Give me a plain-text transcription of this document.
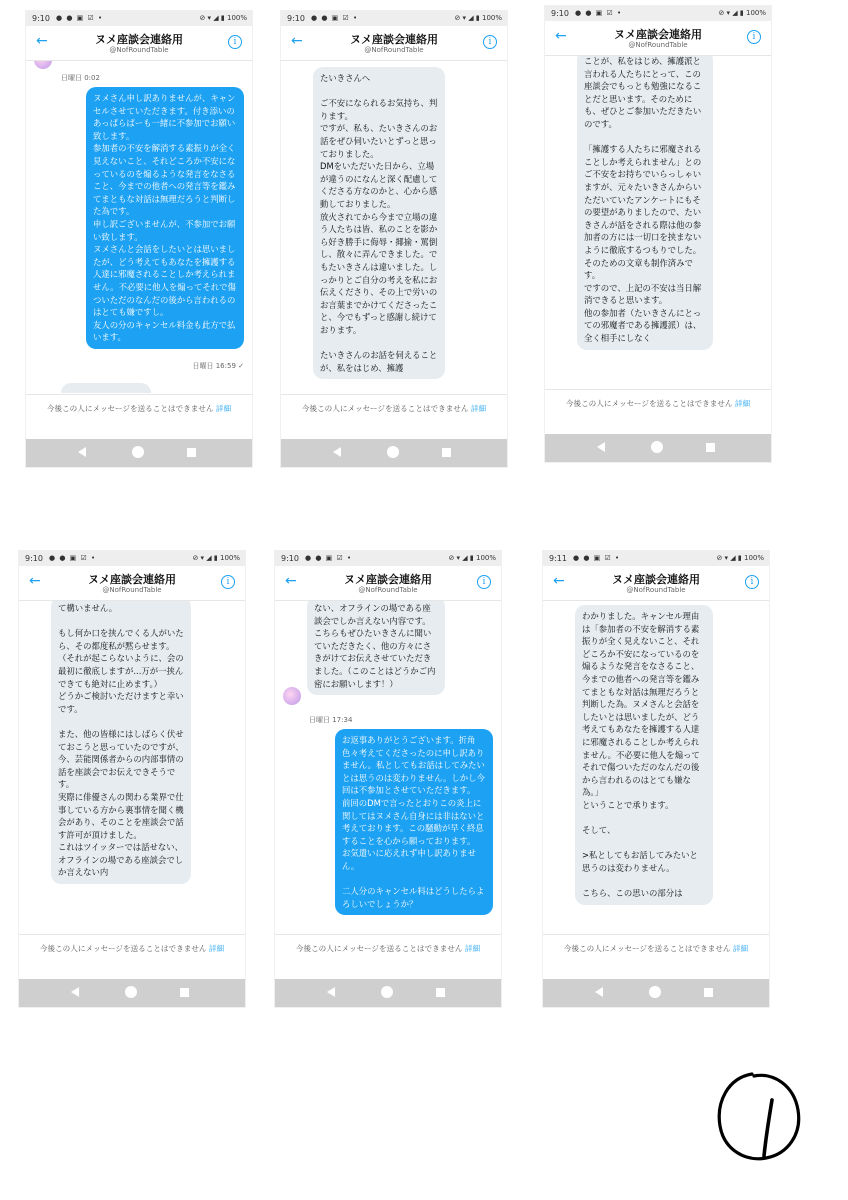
9:10 ● ● ▣ ☑ •	⊘ ▾ ◢ ▮ 100%
←	ヌメ座談会連絡用
@NofRoundTable
i
日曜日 0:02
ヌメさん申し訳ありませんが、キャンセルさせていただきます。付き添いのあっぱらぱーも一緒に不参加でお願い致します。
参加者の不安を解消する素振りが全く見えないこと、それどころか不安になっているのを煽るような発言をなさること、今までの他者への発言等を鑑みてまともな対話は無理だろうと判断した為です。
申し訳ございませんが、不参加でお願い致します。
ヌメさんと会話をしたいとは思いましたが、どう考えてもあなたを擁護する人達に邪魔されることしか考えられません。不必要に他人を煽ってそれで傷ついただのなんだの後から言われるのはとても嫌ですし。
友人の分のキャンセル料金も此方で払います。
日曜日 16:59 ✓
今後この人にメッセージを送ることはできません 詳細
9:10 ● ● ▣ ☑ •	⊘ ▾ ◢ ▮ 100%
←	ヌメ座談会連絡用
@NofRoundTable
i
たいきさんへ

ご不安になられるお気持ち、判ります。
ですが、私も、たいきさんのお話をぜひ伺いたいとずっと思っておりました。
DMをいただいた日から、立場が違うのになんと深く配慮してくださる方なのかと、心から感動しておりました。
放火されてから今まで立場の違う人たちは皆、私のことを影から好き勝手に侮辱・揶揄・罵倒し、散々に弄んできました。でもたいきさんは違いました。しっかりとご自分の考えを私にお伝えくださり、その上で労いのお言葉までかけてくださったこと、今でもずっと感謝し続けております。

たいきさんのお話を伺えることが、私をはじめ、擁護
今後この人にメッセージを送ることはできません 詳細
9:10 ● ● ▣ ☑ •	⊘ ▾ ◢ ▮ 100%
←	ヌメ座談会連絡用
@NofRoundTable
i
ことが、私をはじめ、擁護派と言われる人たちにとって、この座談会でもっとも勉強になることだと思います。そのためにも、ぜひとご参加いただきたいのです。

「擁護する人たちに邪魔されることしか考えられません」とのご不安をお持ちでいらっしゃいますが、元々たいきさんからいただいていたアンケートにもその要望がありましたので、たいきさんが話をされる際は他の参加者の方には一切口を挟まないように徹底するつもりでした。
そのための文章も制作済みです。
ですので、上記の不安は当日解消できると思います。
他の参加者（たいきさんにとっての邪魔者である擁護派）は、全く相手にしなく
今後この人にメッセージを送ることはできません 詳細
9:10 ● ● ▣ ☑ •	⊘ ▾ ◢ ▮ 100%
←	ヌメ座談会連絡用
@NofRoundTable
i
て構いません。

もし何か口を挟んでくる人がいたら、その都度私が黙らせます。
（それが起こらないように、会の最初に徹底しますが...万が一挟んできても絶対に止めます。）
どうかご検討いただけますと幸いです。

また、他の皆様にはしばらく伏せておこうと思っていたのですが、今、芸能関係者からの内部事情の話を座談会でお伝えできそうです。
実際に俳優さんの関わる業界で仕事している方から裏事情を聞く機会があり、そのことを座談会で話す許可が頂けました。
これはツイッターでは話せない、オフラインの場である座談会でしか言えない内
今後この人にメッセージを送ることはできません 詳細
9:10 ● ● ▣ ☑ •	⊘ ▾ ◢ ▮ 100%
←	ヌメ座談会連絡用
@NofRoundTable
i
ない、オフラインの場である座談会でしか言えない内容です。こちらもぜひたいきさんに聞いていただきたく、他の方々にさきがけてお伝えさせていただきました。（このことはどうかご内密にお願いします！）
日曜日 17:34
お返事ありがとうございます。折角色々考えてくださったのに申し訳ありません。私としてもお話はしてみたいとは思うのは変わりません。しかし今回は不参加とさせていただきます。
前回のDMで言ったとおりこの炎上に関してはヌメさん自身には非はないと考えております。この騒動が早く終息することを心から願っております。
お気遣いに応えれず申し訳ありません。

二人分のキャンセル料はどうしたらよろしいでしょうか？
今後この人にメッセージを送ることはできません 詳細
9:11 ● ● ▣ ☑ •	⊘ ▾ ◢ ▮ 100%
←	ヌメ座談会連絡用
@NofRoundTable
i
わかりました。キャンセル理由は「参加者の不安を解消する素振りが全く見えないこと、それどころか不安になっているのを煽るような発言をなさること、今までの他者への発言等を鑑みてまともな対話は無理だろうと判断した為。ヌメさんと会話をしたいとは思いましたが、どう考えてもあなたを擁護する人達に邪魔されることしか考えられません。不必要に他人を煽ってそれで傷ついただのなんだの後から言われるのはとても嫌な為。」
ということで承ります。

そして、

>私としてもお話してみたいと思うのは変わりません。

こちら、この思いの部分は
今後この人にメッセージを送ることはできません 詳細
